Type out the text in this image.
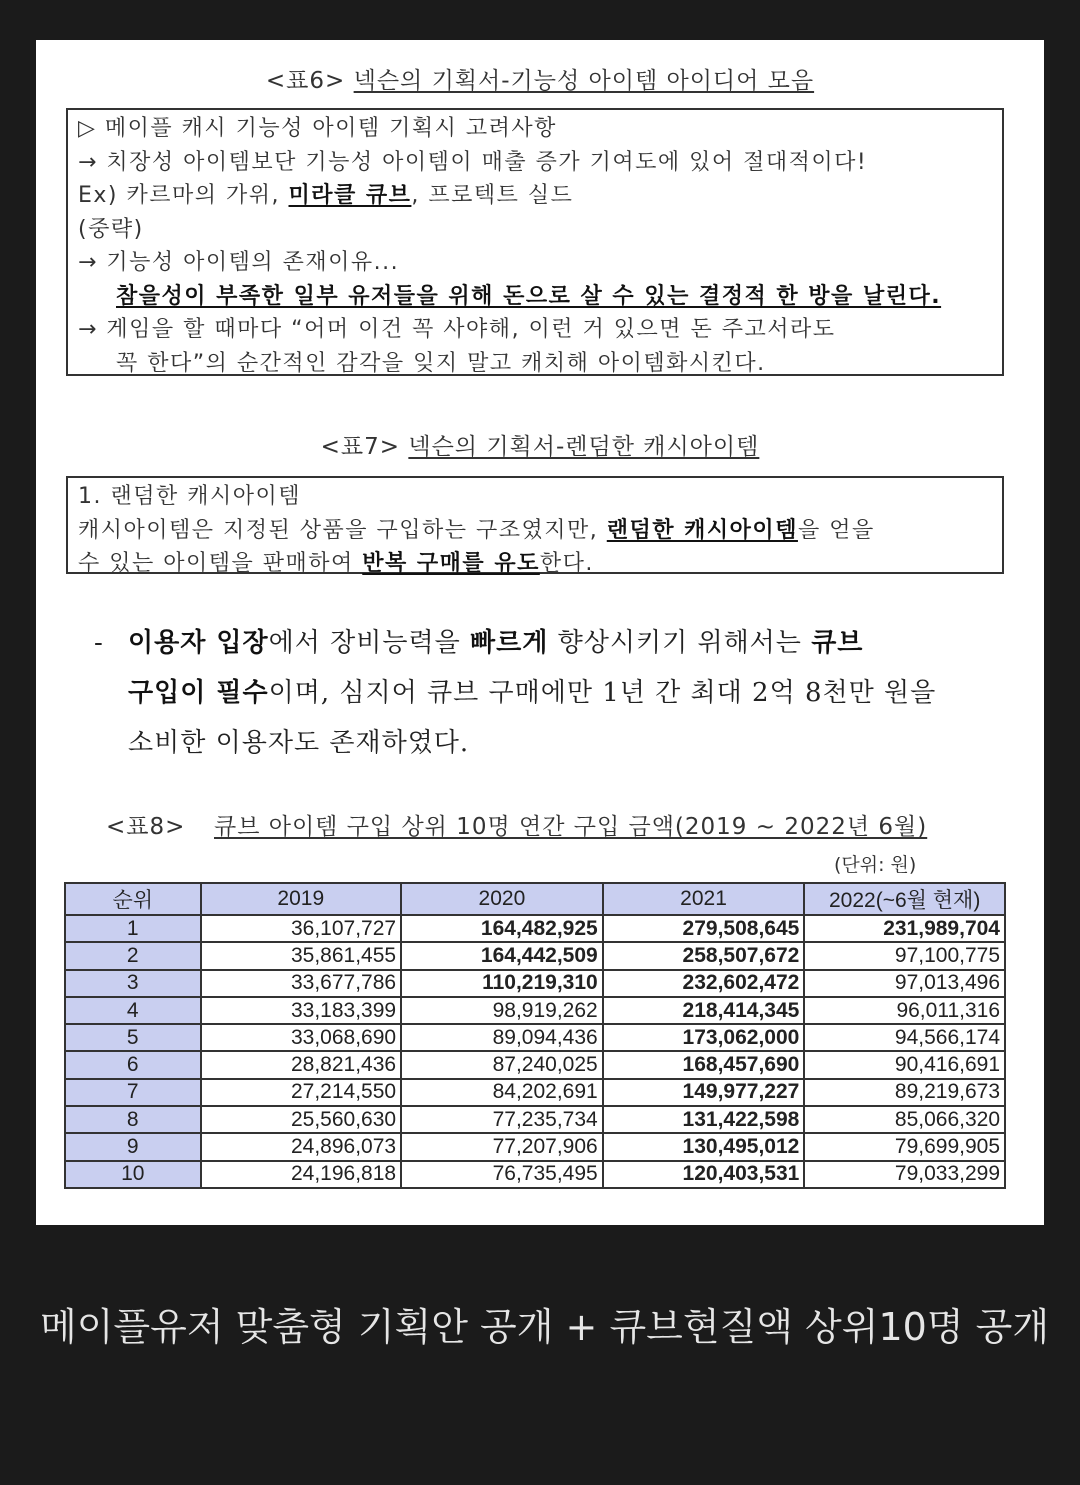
<표6> 넥슨의 기획서-기능성 아이템 아이디어 모음
▷ 메이플 캐시 기능성 아이템 기획시 고려사항
→ 치장성 아이템보단 기능성 아이템이 매출 증가 기여도에 있어 절대적이다!
Ex) 카르마의 가위, 미라클 큐브, 프로텍트 실드
(중략)
→ 기능성 아이템의 존재이유...
참을성이 부족한 일부 유저들을 위해 돈으로 살 수 있는 결정적 한 방을 날린다.
→ 게임을 할 때마다 “어머 이건 꼭 사야해, 이런 거 있으면 돈 주고서라도
꼭 한다”의 순간적인 감각을 잊지 말고 캐치해 아이템화시킨다.
<표7> 넥슨의 기획서-렌덤한 캐시아이템
1. 랜덤한 캐시아이템
캐시아이템은 지정된 상품을 구입하는 구조였지만, 랜덤한 캐시아이템을 얻을
수 있는 아이템을 판매하여 반복 구매를 유도한다.
- 이용자 입장에서 장비능력을 빠르게 향상시키기 위해서는 큐브
구입이 필수이며, 심지어 큐브 구매에만 1년 간 최대 2억 8천만 원을
소비한 이용자도 존재하였다.
<표8> 큐브 아이템 구입 상위 10명 연간 구입 금액(2019 ~ 2022년 6월)
(단위: 원)
순위	2019	2020	2021	2022(~6월 현재)
1	36,107,727	164,482,925	279,508,645	231,989,704
2	35,861,455	164,442,509	258,507,672	97,100,775
3	33,677,786	110,219,310	232,602,472	97,013,496
4	33,183,399	98,919,262	218,414,345	96,011,316
5	33,068,690	89,094,436	173,062,000	94,566,174
6	28,821,436	87,240,025	168,457,690	90,416,691
7	27,214,550	84,202,691	149,977,227	89,219,673
8	25,560,630	77,235,734	131,422,598	85,066,320
9	24,896,073	77,207,906	130,495,012	79,699,905
10	24,196,818	76,735,495	120,403,531	79,033,299
메이플유저 맞춤형 기획안 공개 + 큐브현질액 상위10명 공개
